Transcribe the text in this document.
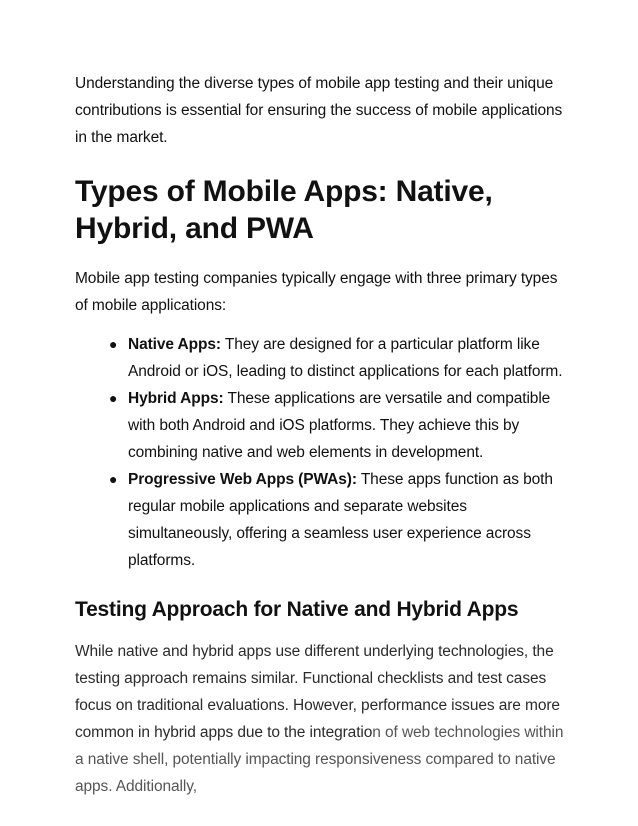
Understanding the diverse types of mobile app testing and their unique contributions is essential for ensuring the success of mobile applications in the market.

Types of Mobile Apps: Native, Hybrid, and PWA

Mobile app testing companies typically engage with three primary types of mobile applications:

● Native Apps: They are designed for a particular platform like Android or iOS, leading to distinct applications for each platform.
● Hybrid Apps: These applications are versatile and compatible with both Android and iOS platforms. They achieve this by combining native and web elements in development.
● Progressive Web Apps (PWAs): These apps function as both regular mobile applications and separate websites simultaneously, offering a seamless user experience across platforms.
Testing Approach for Native and Hybrid Apps

While native and hybrid apps use different underlying technologies, the testing approach remains similar. Functional checklists and test cases focus on traditional evaluations. However, performance issues are more common in hybrid apps due to the integration of web technologies within a native shell, potentially impacting responsiveness compared to native apps. Additionally,
